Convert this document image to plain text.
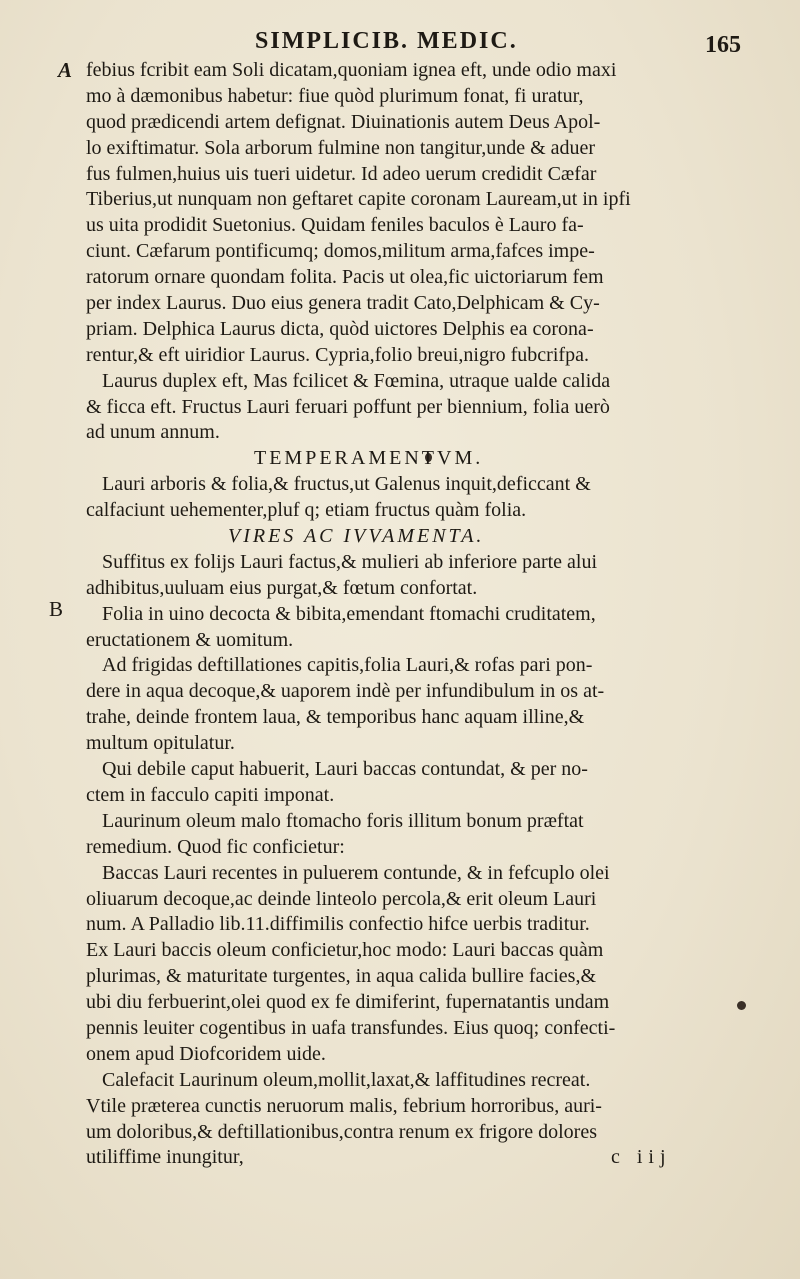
SIMPLICIB. MEDIC.	165
A
B
febius fcribit eam Soli dicatam,quoniam ignea eft, unde odio maxi
mo à dæmonibus habetur: fiue quòd plurimum fonat, fi uratur,
quod prædicendi artem defignat. Diuinationis autem Deus Apol-
lo exiftimatur. Sola arborum fulmine non tangitur,unde & aduer
fus fulmen,huius uis tueri uidetur. Id adeo uerum credidit Cæfar
Tiberius,ut nunquam non geftaret capite coronam Lauream,ut in ipfi
us uita prodidit Suetonius. Quidam feniles baculos è Lauro fa-
ciunt. Cæfarum pontificumq; domos,militum arma,fafces impe-
ratorum ornare quondam folita. Pacis ut olea,fic uictoriarum fem
per index Laurus. Duo eius genera tradit Cato,Delphicam & Cy-
priam. Delphica Laurus dicta, quòd uictores Delphis ea corona-
rentur,& eft uiridior Laurus. Cypria,folio breui,nigro fubcrifpa.
Laurus duplex eft, Mas fcilicet & Fœmina, utraque ualde calida
& ficca eft. Fructus Lauri feruari poffunt per biennium, folia uerò
ad unum annum.
TEMPERAMENTVM.
Lauri arboris & folia,& fructus,ut Galenus inquit,deficcant &
calfaciunt uehementer,pluf q; etiam fructus quàm folia.
VIRES AC IVVAMENTA.
Suffitus ex folijs Lauri factus,& mulieri ab inferiore parte alui
adhibitus,uuluam eius purgat,& fœtum confortat.
Folia in uino decocta & bibita,emendant ftomachi cruditatem,
eructationem & uomitum.
Ad frigidas deftillationes capitis,folia Lauri,& rofas pari pon-
dere in aqua decoque,& uaporem indè per infundibulum in os at-
trahe, deinde frontem laua, & temporibus hanc aquam illine,&
multum opitulatur.
Qui debile caput habuerit, Lauri baccas contundat, & per no-
ctem in facculo capiti imponat.
Laurinum oleum malo ftomacho foris illitum bonum præftat
remedium. Quod fic conficietur:
Baccas Lauri recentes in puluerem contunde, & in fefcuplo olei
oliuarum decoque,ac deinde linteolo percola,& erit oleum Lauri
num. A Palladio lib.11.diffimilis confectio hifce uerbis traditur.
Ex Lauri baccis oleum conficietur,hoc modo: Lauri baccas quàm
plurimas, & maturitate turgentes, in aqua calida bullire facies,&
ubi diu ferbuerint,olei quod ex fe dimiferint, fupernatantis undam
pennis leuiter cogentibus in uafa transfundes. Eius quoq; confecti-
onem apud Diofcoridem uide.
Calefacit Laurinum oleum,mollit,laxat,& laffitudines recreat.
Vtile præterea cunctis neruorum malis, febrium horroribus, auri-
um doloribus,& deftillationibus,contra renum ex frigore dolores
utiliffime inungitur,	c iij
